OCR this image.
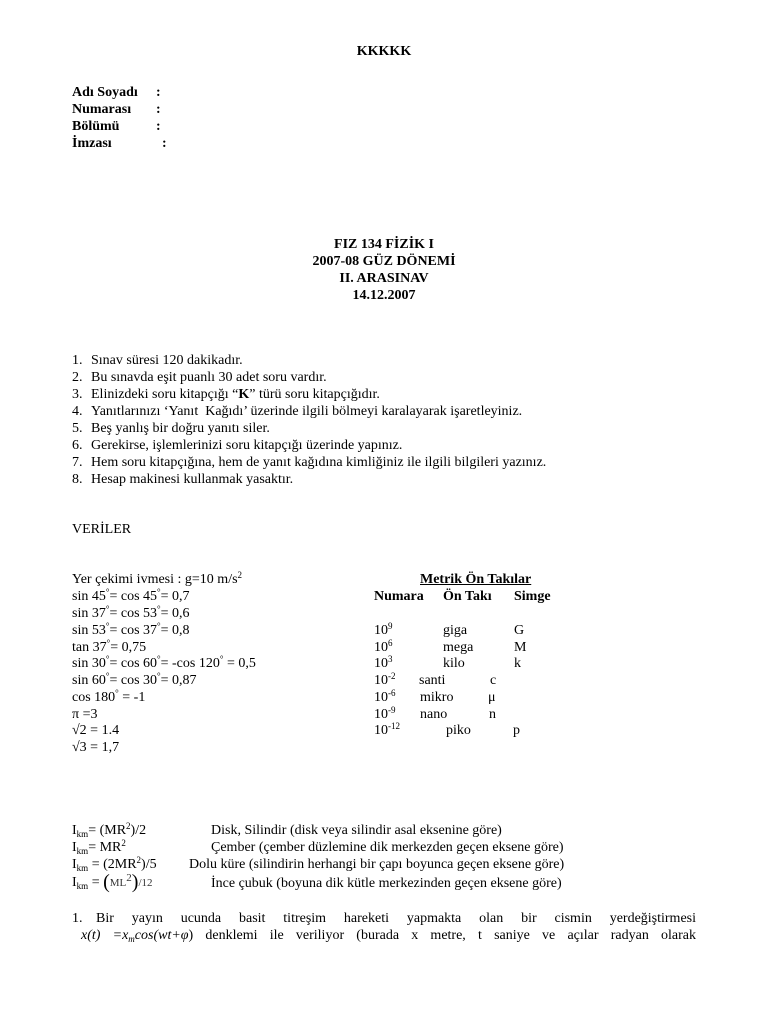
KKKKK
Adı Soyadı :
Numarası :
Bölümü	:
İmzası	:
FIZ 134 FİZİK I
2007-08 GÜZ DÖNEMİ
II. ARASINAV
14.12.2007
1. Sınav süresi 120 dakikadır.
2. Bu sınavda eşit puanlı 30 adet soru vardır.
3. Elinizdeki soru kitapçığı “K” türü soru kitapçığıdır.
4. Yanıtlarınızı ‘Yanıt  Kağıdı’ üzerinde ilgili bölmeyi karalayarak işaretleyiniz.
5. Beş yanlış bir doğru yanıtı siler.
6. Gerekirse, işlemlerinizi soru kitapçığı üzerinde yapınız.
7. Hem soru kitapçığına, hem de yanıt kağıdına kimliğiniz ile ilgili bilgileri yazınız.
8. Hesap makinesi kullanmak yasaktır.
VERİLER
Yer çekimi ivmesi : g=10 $m/s^2$
sin 45°= cos 45°= 0,7
sin 37°= cos 53°= 0,6
sin 53°= cos 37°= 0,8
tan 37°= 0,75
sin 30°= cos 60°= -cos 120° = 0,5
sin 60°= cos 30°= 0,87
cos 180° = -1
π =3
√2 = 1.4
√3 = 1,7
Metrik Ön Takılar
Numara Ön Takı Simge
$10^9$	giga	G
$10^6$	mega	M
$10^3$	kilo	k
$10^{-2}$ santi	c
$10^{-6}$ mikro μ
$10^{-9}$ nano	n
$10^{-12}$	piko	p
$I_{km}= (MR^2)/2$	Disk, Silindir (disk veya silindir asal eksenine göre)
$I_{km}= MR^2$	Çember (çember düzlemine dik merkezden geçen eksene göre)
$I_{km} = (2MR^2)/5$ Dolu küre (silindirin herhangi bir çapı boyunca geçen eksene göre)
$I_{km} = (ML^2)/12$	İnce çubuk (boyuna dik kütle merkezinden geçen eksene göre)
1. Bir yayın ucunda basit titreşim hareketi yapmakta olan bir cismin yerdeğiştirmesi
$x(t) =x_m\cos(wt+\varphi)$ denklemi ile veriliyor (burada x metre, t saniye ve açılar radyan olarak
